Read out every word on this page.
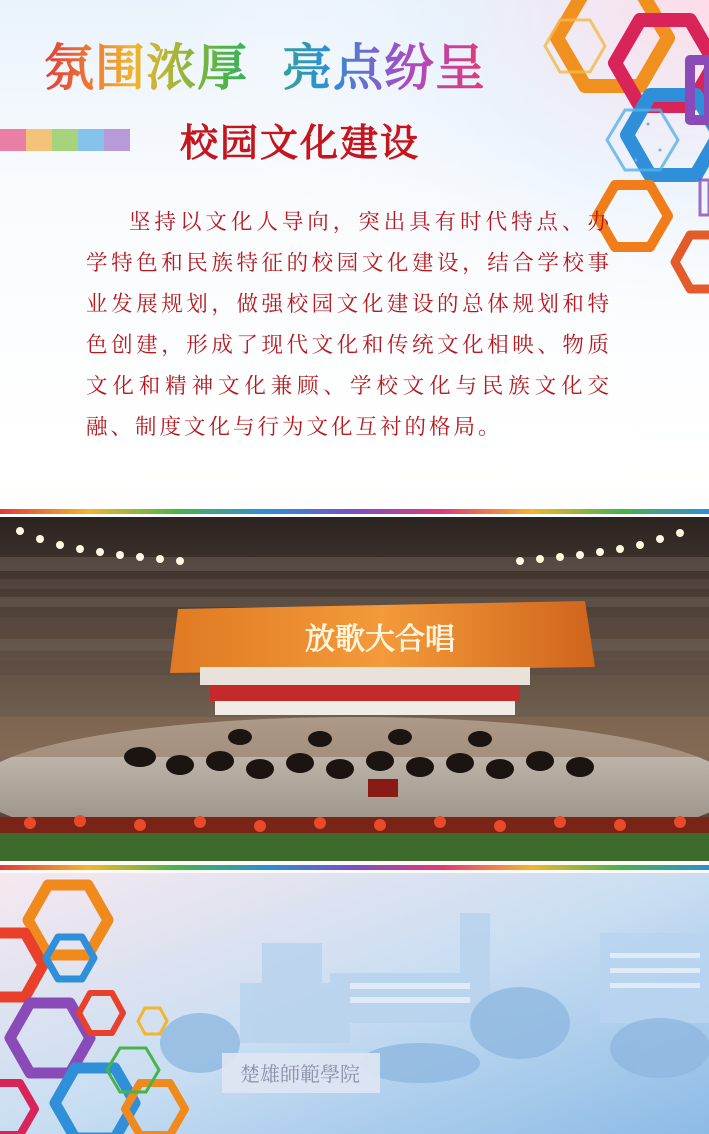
氛围浓厚 亮点纷呈
校园文化建设

坚持以文化人导向，突出具有时代特点、办学特色和民族特征的校园文化建设，结合学校事业发展规划，做强校园文化建设的总体规划和特色创建，形成了现代文化和传统文化相映、物质文化和精神文化兼顾、学校文化与民族文化交融、制度文化与行为文化互衬的格局。

放歌大合唱
楚雄師範學院
